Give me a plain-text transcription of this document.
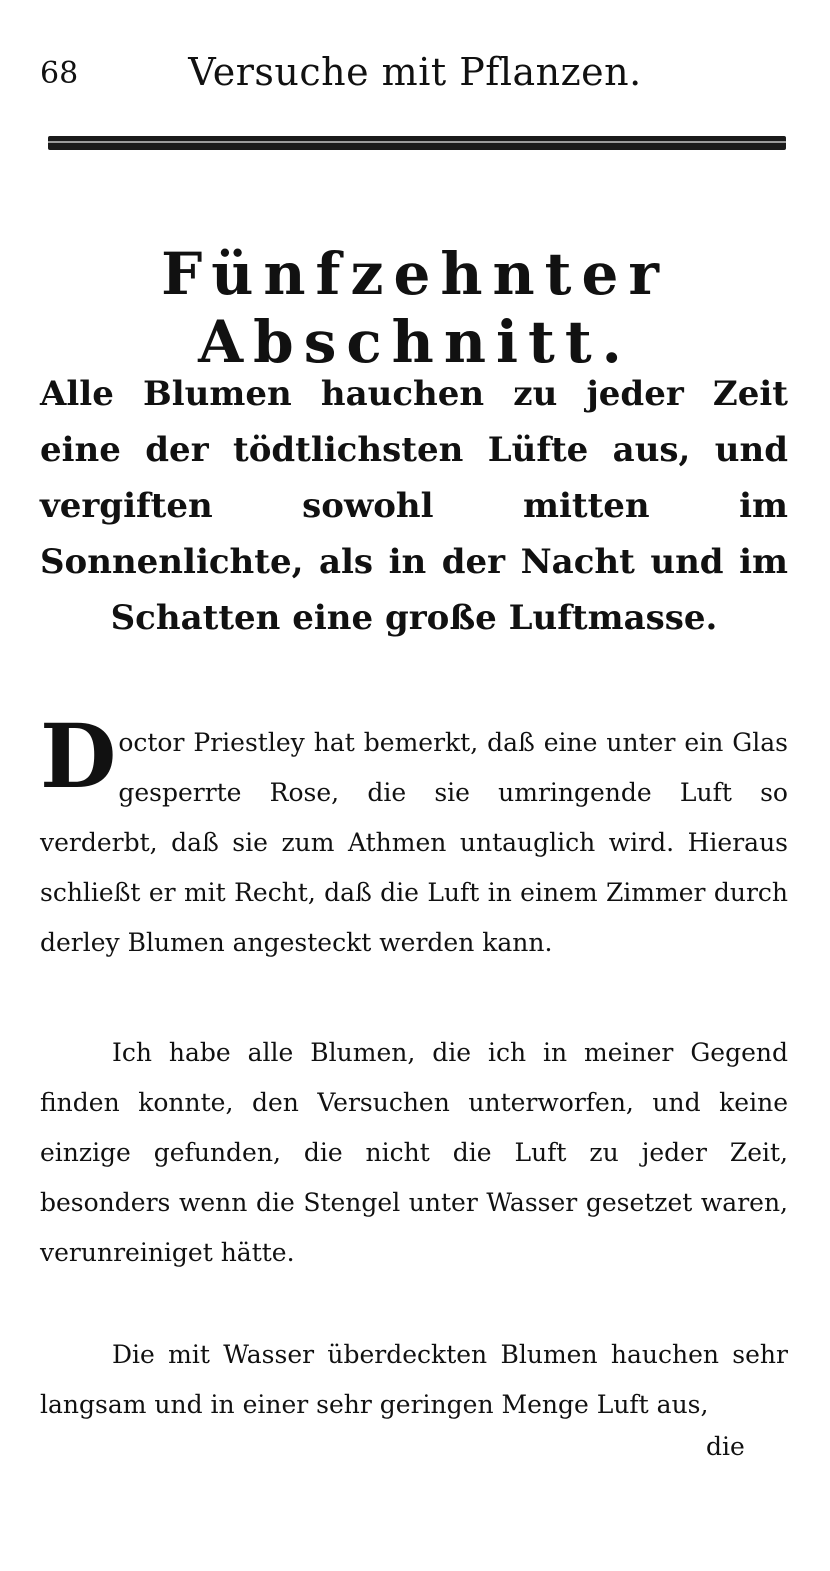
68	Versuche mit Pflanzen.
Fünfzehnter Abschnitt.
Alle Blumen hauchen zu jeder Zeit eine der tödtlichsten Lüfte aus, und vergiften sowohl mitten im Sonnenlichte, als in der Nacht und im Schatten eine große Luftmasse.
Doctor Priestley hat bemerkt, daß eine unter ein Glas gesperrte Rose, die sie umringende Luft so verderbt, daß sie zum Athmen untauglich wird. Hieraus schließt er mit Recht, daß die Luft in einem Zimmer durch derley Blumen angesteckt werden kann.
Ich habe alle Blumen, die ich in meiner Gegend finden konnte, den Versuchen unterworfen, und keine einzige gefunden, die nicht die Luft zu jeder Zeit, besonders wenn die Stengel unter Wasser gesetzet waren, verunreiniget hätte.
Die mit Wasser überdeckten Blumen hauchen sehr langsam und in einer sehr geringen Menge Luft aus,
die
